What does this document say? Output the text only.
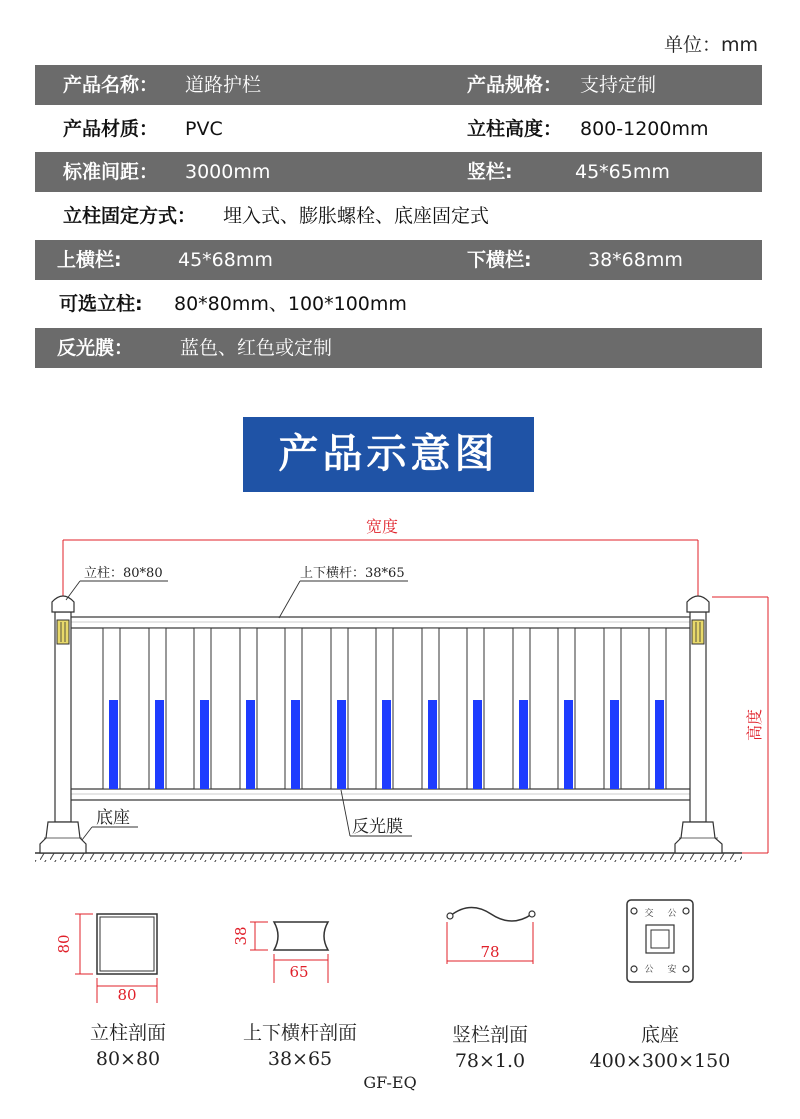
单位：mm
产品名称： 道路护栏	产品规格： 支持定制
产品材质： PVC	立柱高度： 800-1200mm
标准间距： 3000mm	竖栏:	45*65mm
立柱固定方式： 埋入式、膨胀螺栓、底座固定式
上横栏:	45*68mm	下横栏:	38*68mm
可选立柱: 80*80mm、100*100mm
反光膜： 蓝色、红色或定制
产品示意图
宽度
高度
立柱：80*80	上下横杆：38*65
底座	反光膜
80
80
38
65
78
交 公
公 安
立柱剖面
80×80
上下横杆剖面
38×65
竖栏剖面
78×1.0
底座
400×300×150
GF-EQ
